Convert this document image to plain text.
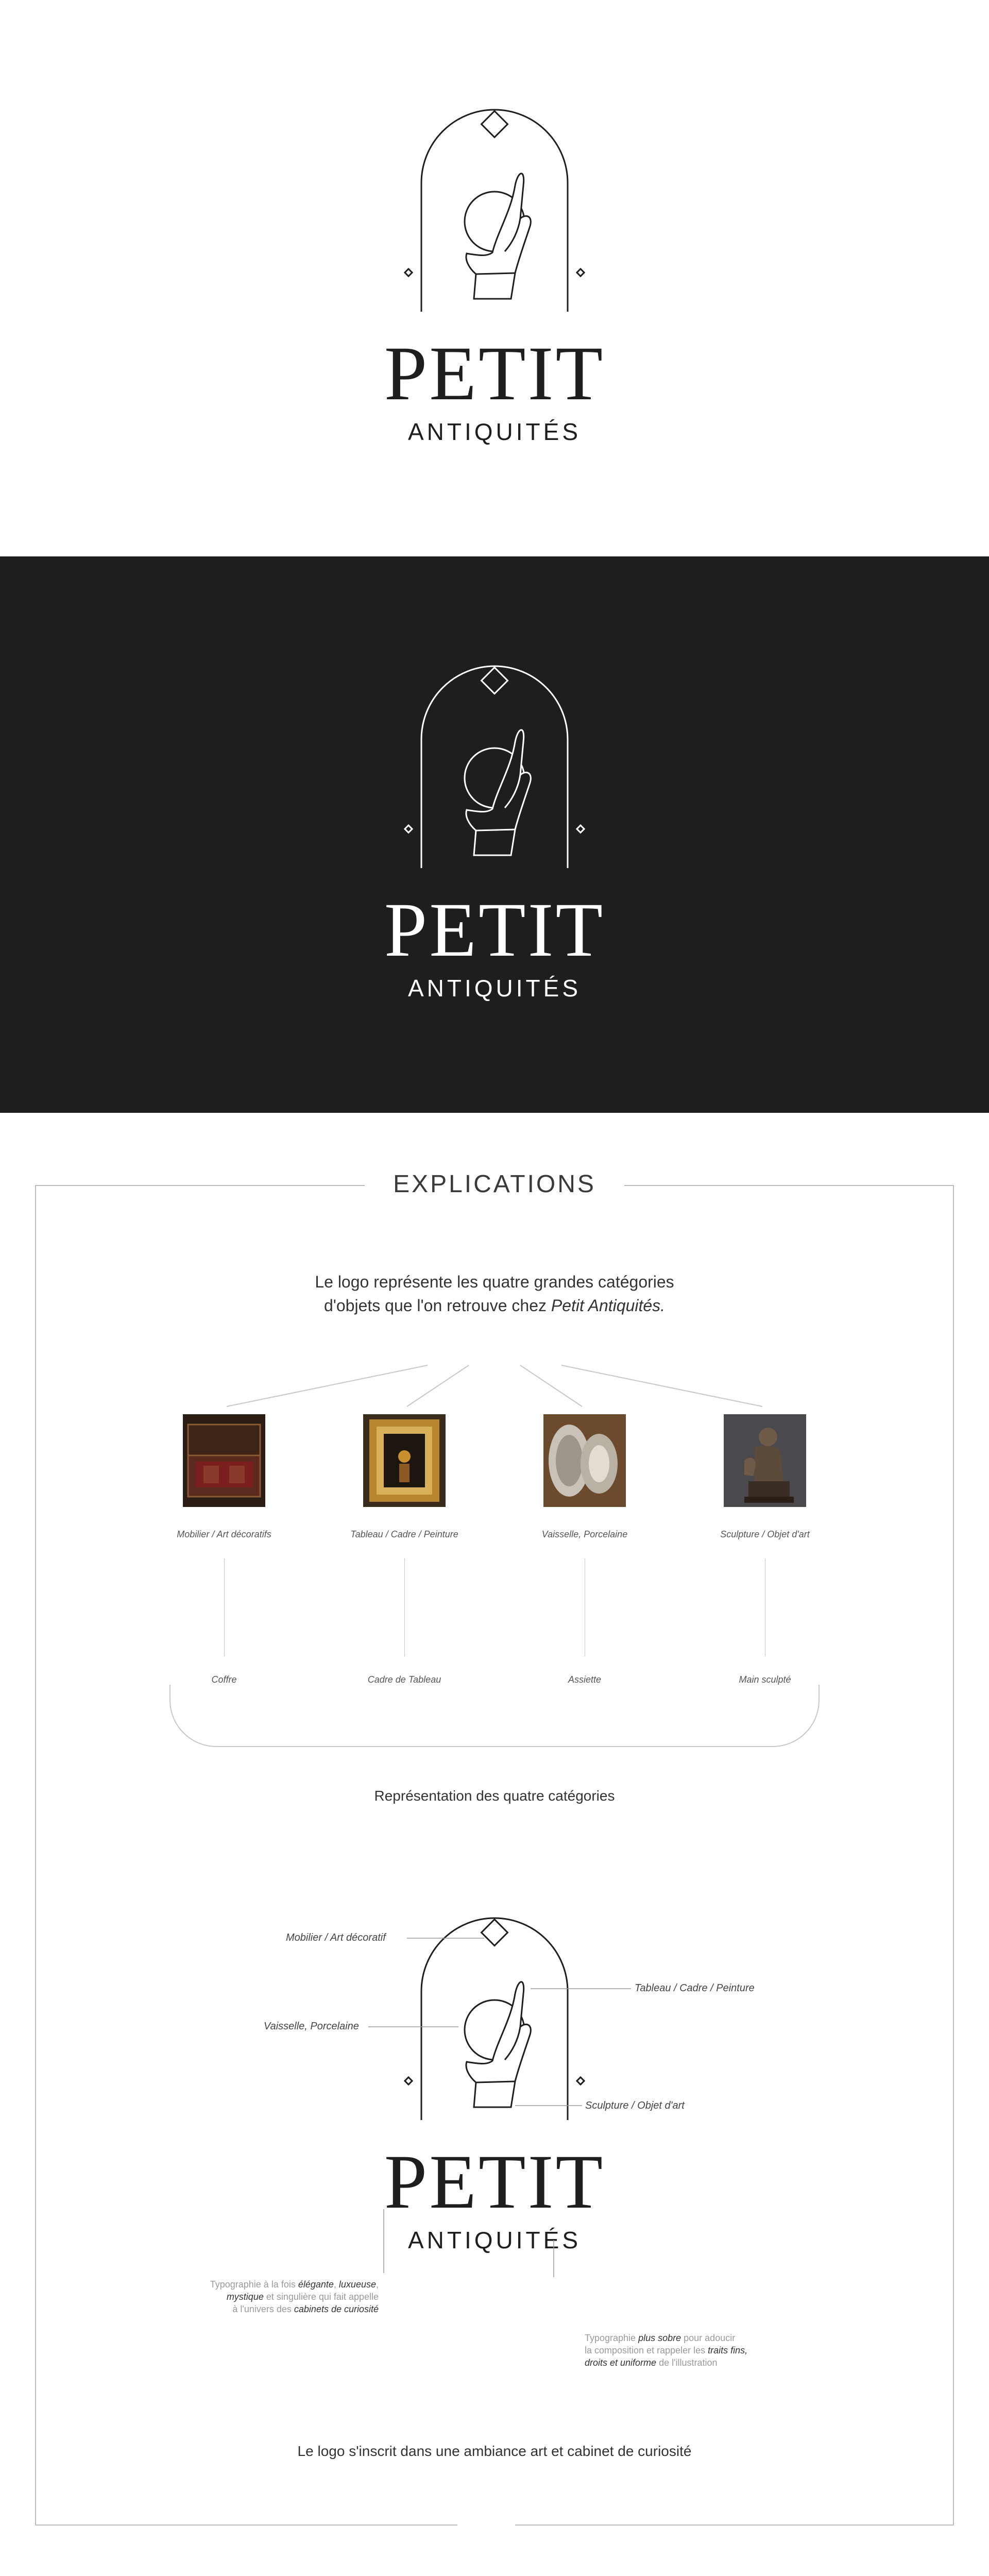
PETIT
ANTIQUITÉS
PETIT
ANTIQUITÉS
EXPLICATIONS
Le logo représente les quatre grandes catégories
d'objets que l'on retrouve chez Petit Antiquités.
Mobilier / Art décoratifs	Tableau / Cadre / Peinture	Vaisselle, Porcelaine	Sculpture / Objet d'art
Coffre	Cadre de Tableau	Assiette	Main sculpté
Représentation des quatre catégories
PETIT
ANTIQUITÉS
Mobilier / Art décoratif
Tableau / Cadre / Peinture
Vaisselle, Porcelaine
Sculpture / Objet d'art
Typographie à la fois élégante, luxueuse,
mystique et singulière qui fait appelle
à l'univers des cabinets de curiosité
Typographie plus sobre pour adoucir
la composition et rappeler les traits fins,
droits et uniforme de l'illustration
Le logo s'inscrit dans une ambiance art et cabinet de curiosité
